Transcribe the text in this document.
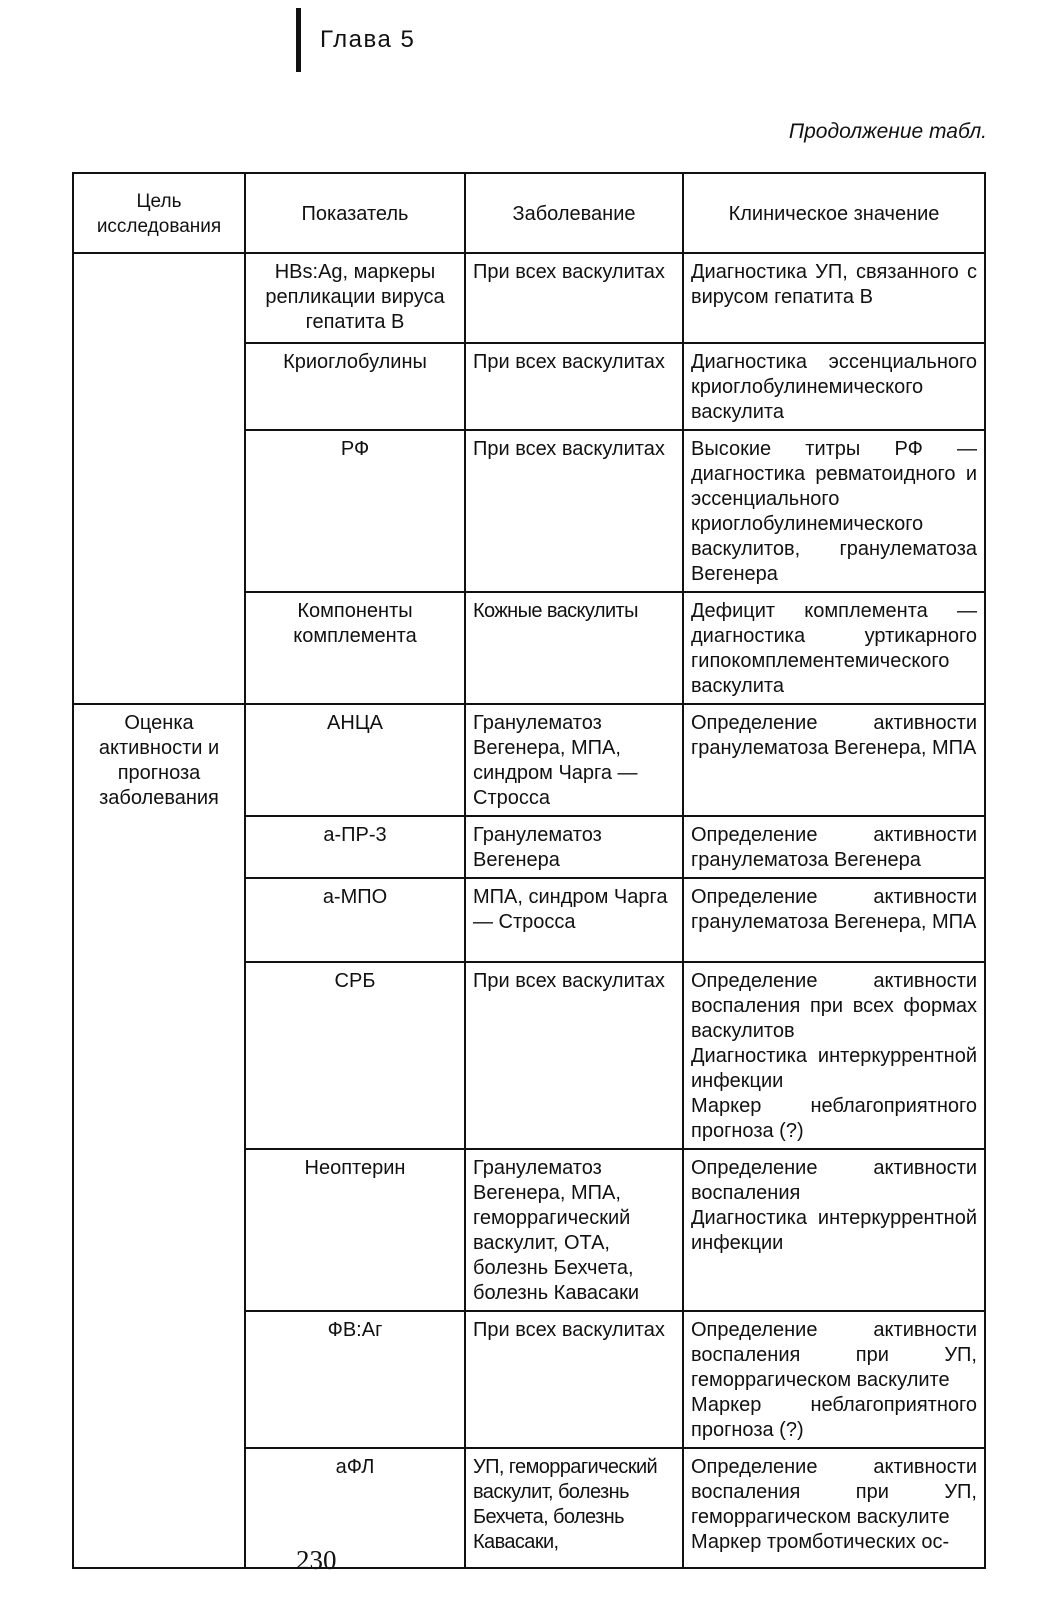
Глава 5
Продолжение табл.
Цель исследования	Показатель	Заболевание	Клиническое значение
	HBs:Ag, маркеры репликации вируса гепатита В	При всех васкулитах	Диагностика УП, связанного с вирусом гепатита В
	Криоглобулины	При всех васкулитах	Диагностика эссенциального криоглобулинемического васкулита
	РФ	При всех васкулитах	Высокие титры РФ — диагностика ревматоидного и эссенциального криоглобулинемического васкулитов, гранулематоза Вегенера
	Компоненты комплемента	Кожные васкулиты	Дефицит комплемента — диагностика уртикарного гипокомплементемического васкулита
Оценка активности и прогноза заболевания	АНЦА	Гранулематоз Вегенера, МПА, синдром Чарга — Стросса	Определение активности гранулематоза Вегенера, МПА
	а-ПР-3	Гранулематоз Вегенера	Определение активности гранулематоза Вегенера
	а-МПО	МПА, синдром Чарга — Стросса	Определение активности гранулематоза Вегенера, МПА
	СРБ	При всех васкулитах	Определение активности воспаления при всех формах васкулитов
Диагностика интеркуррентной инфекции
Маркер неблагоприятного прогноза (?)

	Неоптерин	Гранулематоз Вегенера, МПА, геморрагический васкулит, ОТА, болезнь Бехчета, болезнь Кавасаки	Определение активности воспаления
Диагностика интеркуррентной инфекции

	ФВ:Аг	При всех васкулитах	Определение активности воспаления при УП, геморрагическом васкулите
Маркер неблагоприятного прогноза (?)

	аФЛ	УП, геморрагический васкулит, болезнь Бехчета, болезнь Кавасаки,	Определение активности воспаления при УП, геморрагическом васкулите
Маркер тромботических ос-
230
